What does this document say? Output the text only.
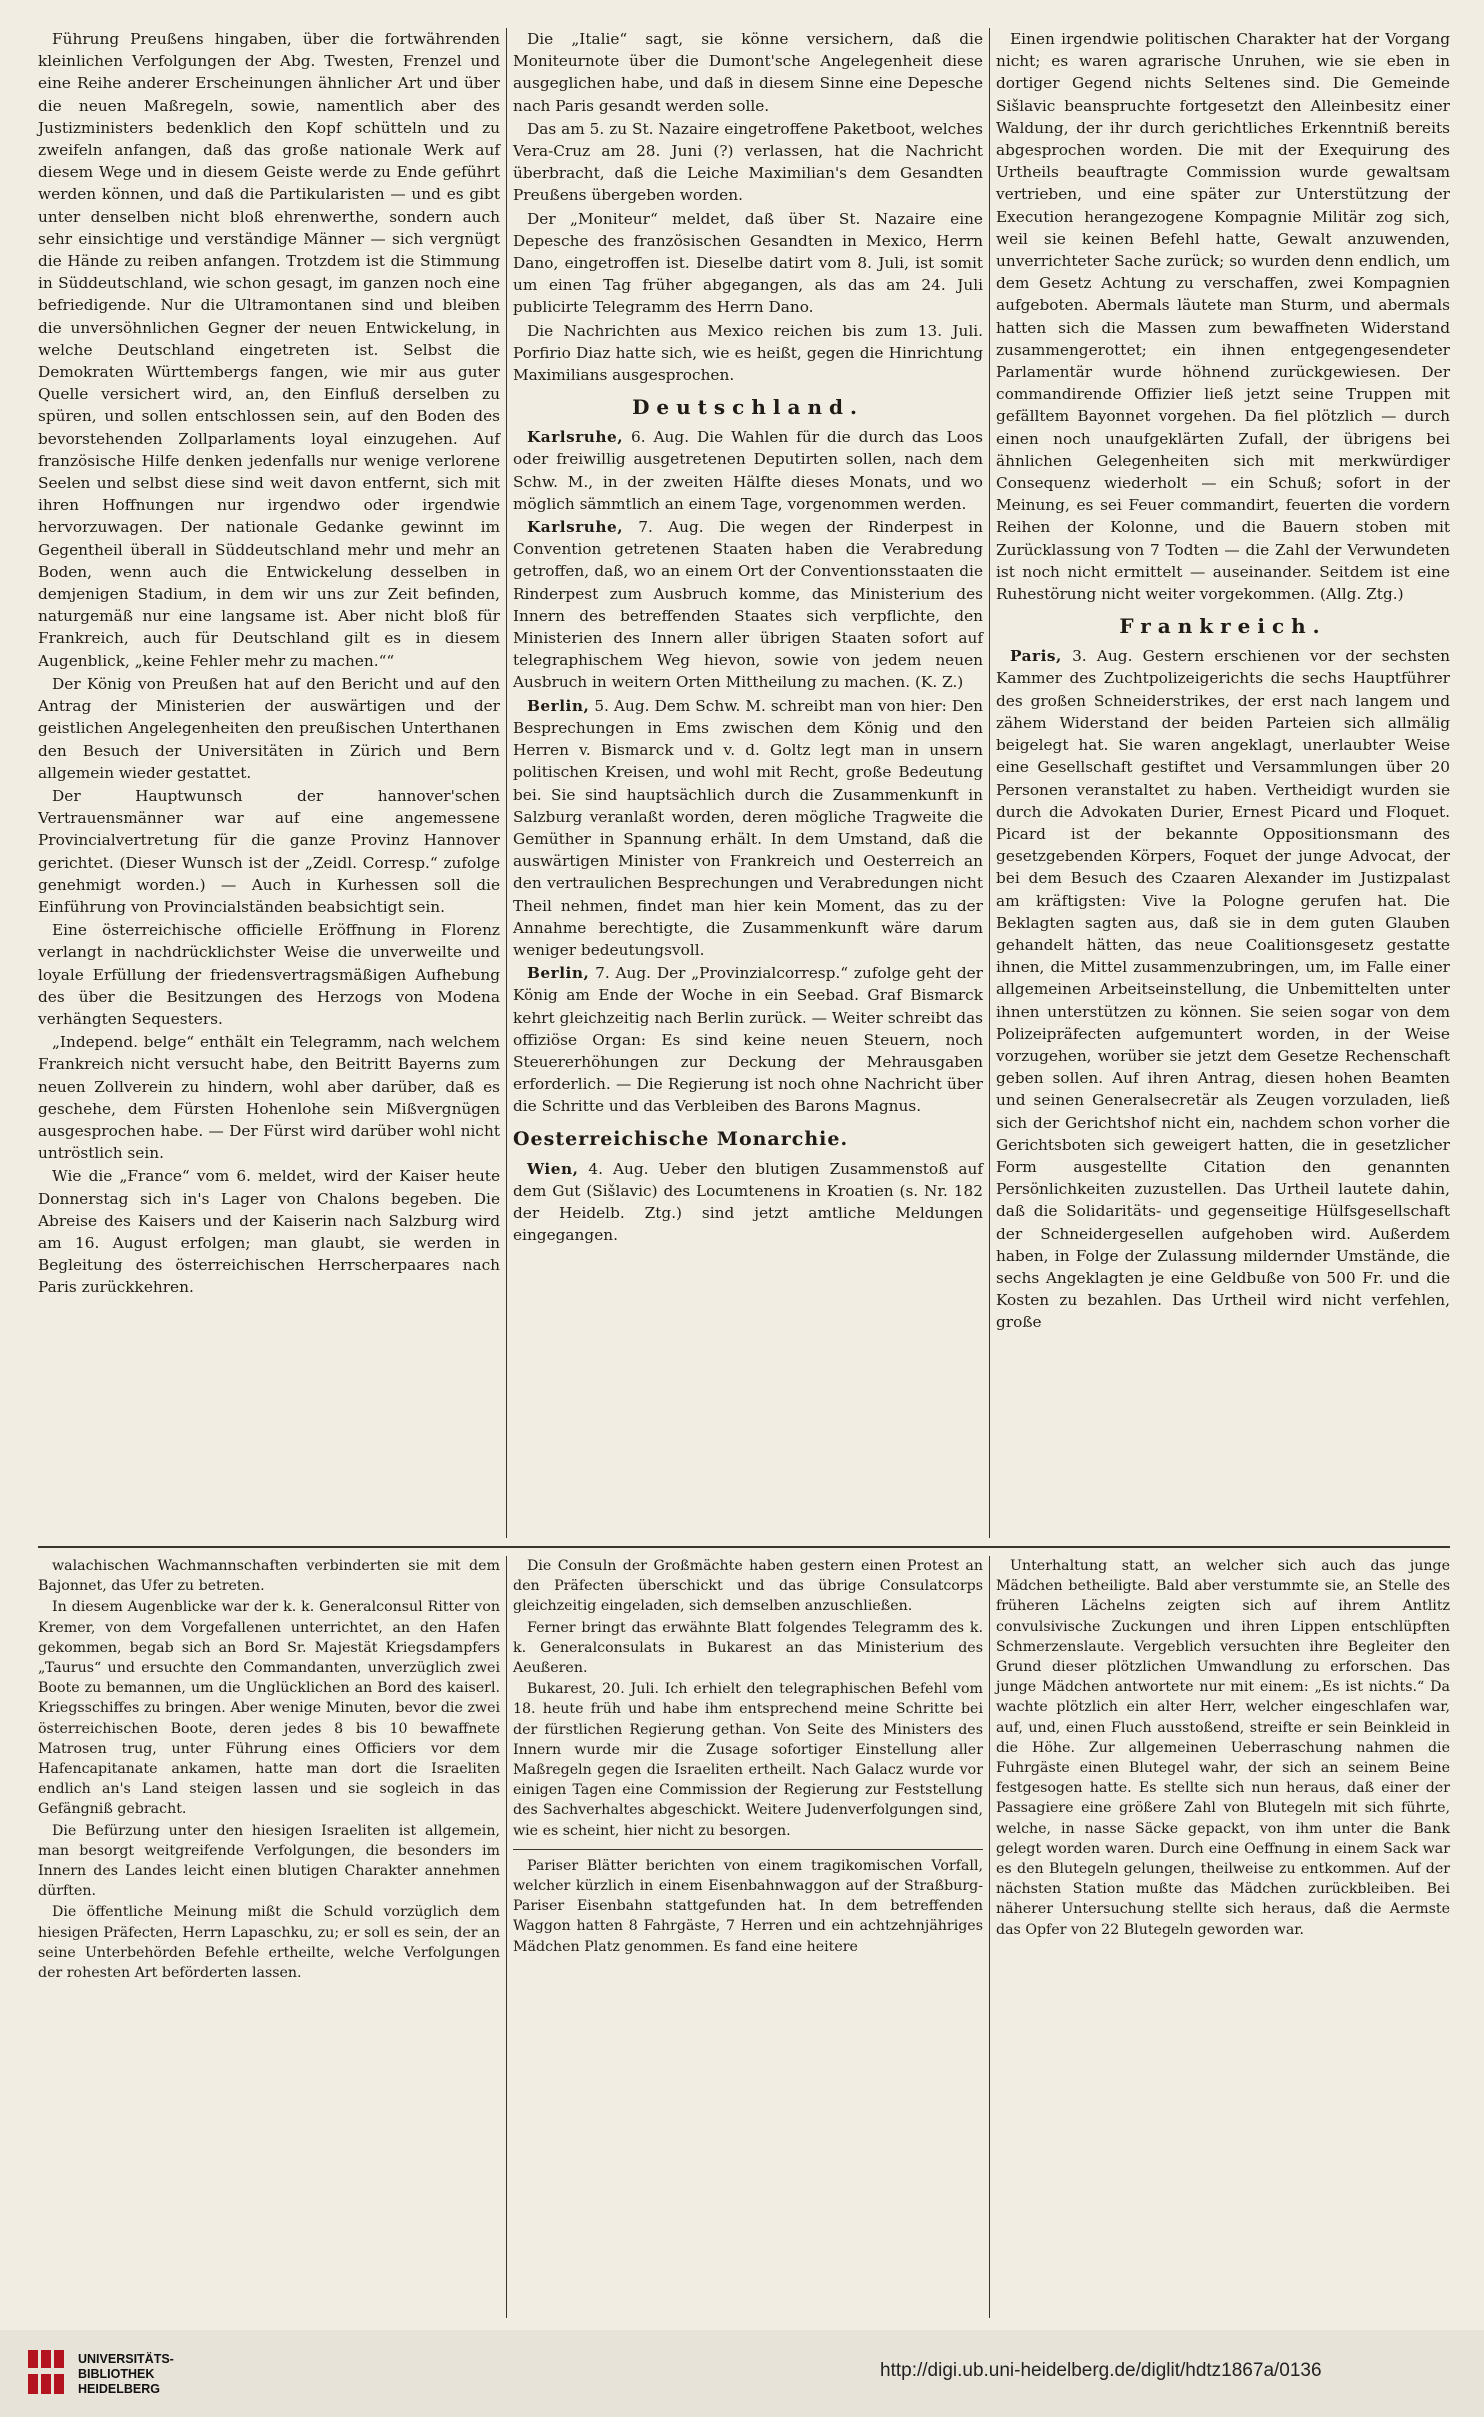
Führung Preußens hingaben, über die fortwährenden kleinlichen Verfolgungen der Abg. Twesten, Frenzel und eine Reihe anderer Erscheinungen ähnlicher Art und über die neuen Maßregeln, sowie, namentlich aber des Justizministers bedenklich den Kopf schütteln und zu zweifeln anfangen, daß das große nationale Werk auf diesem Wege und in diesem Geiste werde zu Ende geführt werden können, und daß die Partikularisten — und es gibt unter denselben nicht bloß ehrenwerthe, sondern auch sehr einsichtige und verständige Männer — sich vergnügt die Hände zu reiben anfangen. Trotzdem ist die Stimmung in Süddeutschland, wie schon gesagt, im ganzen noch eine befriedigende. Nur die Ultramontanen sind und bleiben die unversöhnlichen Gegner der neuen Entwickelung, in welche Deutschland eingetreten ist. Selbst die Demokraten Württembergs fangen, wie mir aus guter Quelle versichert wird, an, den Einfluß derselben zu spüren, und sollen entschlossen sein, auf den Boden des bevorstehenden Zollparlaments loyal einzugehen. Auf französische Hilfe denken jedenfalls nur wenige verlorene Seelen und selbst diese sind weit davon entfernt, sich mit ihren Hoffnungen nur irgendwo oder irgendwie hervorzuwagen. Der nationale Gedanke gewinnt im Gegentheil überall in Süddeutschland mehr und mehr an Boden, wenn auch die Entwickelung desselben in demjenigen Stadium, in dem wir uns zur Zeit befinden, naturgemäß nur eine langsame ist. Aber nicht bloß für Frankreich, auch für Deutschland gilt es in diesem Augenblick, „keine Fehler mehr zu machen.““

Der König von Preußen hat auf den Bericht und auf den Antrag der Ministerien der auswärtigen und der geistlichen Angelegenheiten den preußischen Unterthanen den Besuch der Universitäten in Zürich und Bern allgemein wieder gestattet.

Der Hauptwunsch der hannover'schen Vertrauensmänner war auf eine angemessene Provincialvertretung für die ganze Provinz Hannover gerichtet. (Dieser Wunsch ist der „Zeidl. Corresp.“ zufolge genehmigt worden.) — Auch in Kurhessen soll die Einführung von Provincialständen beabsichtigt sein.

Eine österreichische officielle Eröffnung in Florenz verlangt in nachdrücklichster Weise die unverweilte und loyale Erfüllung der friedensvertragsmäßigen Aufhebung des über die Besitzungen des Herzogs von Modena verhängten Sequesters.

„Independ. belge“ enthält ein Telegramm, nach welchem Frankreich nicht versucht habe, den Beitritt Bayerns zum neuen Zollverein zu hindern, wohl aber darüber, daß es geschehe, dem Fürsten Hohenlohe sein Mißvergnügen ausgesprochen habe. — Der Fürst wird darüber wohl nicht untröstlich sein.

Wie die „France“ vom 6. meldet, wird der Kaiser heute Donnerstag sich in's Lager von Chalons begeben. Die Abreise des Kaisers und der Kaiserin nach Salzburg wird am 16. August erfolgen; man glaubt, sie werden in Begleitung des österreichischen Herrscherpaares nach Paris zurückkehren.

Die „Italie“ sagt, sie könne versichern, daß die Moniteurnote über die Dumont'sche Angelegenheit diese ausgeglichen habe, und daß in diesem Sinne eine Depesche nach Paris gesandt werden solle.

Das am 5. zu St. Nazaire eingetroffene Paketboot, welches Vera-Cruz am 28. Juni (?) verlassen, hat die Nachricht überbracht, daß die Leiche Maximilian's dem Gesandten Preußens übergeben worden.

Der „Moniteur“ meldet, daß über St. Nazaire eine Depesche des französischen Gesandten in Mexico, Herrn Dano, eingetroffen ist. Dieselbe datirt vom 8. Juli, ist somit um einen Tag früher abgegangen, als das am 24. Juli publicirte Telegramm des Herrn Dano.

Die Nachrichten aus Mexico reichen bis zum 13. Juli. Porfirio Diaz hatte sich, wie es heißt, gegen die Hinrichtung Maximilians ausgesprochen.

Deutschland.

Karlsruhe, 6. Aug. Die Wahlen für die durch das Loos oder freiwillig ausgetretenen Deputirten sollen, nach dem Schw. M., in der zweiten Hälfte dieses Monats, und wo möglich sämmtlich an einem Tage, vorgenommen werden.

Karlsruhe, 7. Aug. Die wegen der Rinderpest in Convention getretenen Staaten haben die Verabredung getroffen, daß, wo an einem Ort der Conventionsstaaten die Rinderpest zum Ausbruch komme, das Ministerium des Innern des betreffenden Staates sich verpflichte, den Ministerien des Innern aller übrigen Staaten sofort auf telegraphischem Weg hievon, sowie von jedem neuen Ausbruch in weitern Orten Mittheilung zu machen. (K. Z.)

Berlin, 5. Aug. Dem Schw. M. schreibt man von hier: Den Besprechungen in Ems zwischen dem König und den Herren v. Bismarck und v. d. Goltz legt man in unsern politischen Kreisen, und wohl mit Recht, große Bedeutung bei. Sie sind hauptsächlich durch die Zusammenkunft in Salzburg veranlaßt worden, deren mögliche Tragweite die Gemüther in Spannung erhält. In dem Umstand, daß die auswärtigen Minister von Frankreich und Oesterreich an den vertraulichen Besprechungen und Verabredungen nicht Theil nehmen, findet man hier kein Moment, das zu der Annahme berechtigte, die Zusammenkunft wäre darum weniger bedeutungsvoll.

Berlin, 7. Aug. Der „Provinzialcorresp.“ zufolge geht der König am Ende der Woche in ein Seebad. Graf Bismarck kehrt gleichzeitig nach Berlin zurück. — Weiter schreibt das offiziöse Organ: Es sind keine neuen Steuern, noch Steuererhöhungen zur Deckung der Mehrausgaben erforderlich. — Die Regierung ist noch ohne Nachricht über die Schritte und das Verbleiben des Barons Magnus.

Oesterreichische Monarchie.

Wien, 4. Aug. Ueber den blutigen Zusammenstoß auf dem Gut (Sišlavic) des Locumtenens in Kroatien (s. Nr. 182 der Heidelb. Ztg.) sind jetzt amtliche Meldungen eingegangen.

Einen irgendwie politischen Charakter hat der Vorgang nicht; es waren agrarische Unruhen, wie sie eben in dortiger Gegend nichts Seltenes sind. Die Gemeinde Sišlavic beanspruchte fortgesetzt den Alleinbesitz einer Waldung, der ihr durch gerichtliches Erkenntniß bereits abgesprochen worden. Die mit der Exequirung des Urtheils beauftragte Commission wurde gewaltsam vertrieben, und eine später zur Unterstützung der Execution herangezogene Kompagnie Militär zog sich, weil sie keinen Befehl hatte, Gewalt anzuwenden, unverrichteter Sache zurück; so wurden denn endlich, um dem Gesetz Achtung zu verschaffen, zwei Kompagnien aufgeboten. Abermals läutete man Sturm, und abermals hatten sich die Massen zum bewaffneten Widerstand zusammengerottet; ein ihnen entgegengesendeter Parlamentär wurde höhnend zurückgewiesen. Der commandirende Offizier ließ jetzt seine Truppen mit gefälltem Bayonnet vorgehen. Da fiel plötzlich — durch einen noch unaufgeklärten Zufall, der übrigens bei ähnlichen Gelegenheiten sich mit merkwürdiger Consequenz wiederholt — ein Schuß; sofort in der Meinung, es sei Feuer commandirt, feuerten die vordern Reihen der Kolonne, und die Bauern stoben mit Zurücklassung von 7 Todten — die Zahl der Verwundeten ist noch nicht ermittelt — auseinander. Seitdem ist eine Ruhestörung nicht weiter vorgekommen. (Allg. Ztg.)

Frankreich.

Paris, 3. Aug. Gestern erschienen vor der sechsten Kammer des Zuchtpolizeigerichts die sechs Hauptführer des großen Schneiderstrikes, der erst nach langem und zähem Widerstand der beiden Parteien sich allmälig beigelegt hat. Sie waren angeklagt, unerlaubter Weise eine Gesellschaft gestiftet und Versammlungen über 20 Personen veranstaltet zu haben. Vertheidigt wurden sie durch die Advokaten Durier, Ernest Picard und Floquet. Picard ist der bekannte Oppositionsmann des gesetzgebenden Körpers, Foquet der junge Advocat, der bei dem Besuch des Czaaren Alexander im Justizpalast am kräftigsten: Vive la Pologne gerufen hat. Die Beklagten sagten aus, daß sie in dem guten Glauben gehandelt hätten, das neue Coalitionsgesetz gestatte ihnen, die Mittel zusammenzubringen, um, im Falle einer allgemeinen Arbeitseinstellung, die Unbemittelten unter ihnen unterstützen zu können. Sie seien sogar von dem Polizeipräfecten aufgemuntert worden, in der Weise vorzugehen, worüber sie jetzt dem Gesetze Rechenschaft geben sollen. Auf ihren Antrag, diesen hohen Beamten und seinen Generalsecretär als Zeugen vorzuladen, ließ sich der Gerichtshof nicht ein, nachdem schon vorher die Gerichtsboten sich geweigert hatten, die in gesetzlicher Form ausgestellte Citation den genannten Persönlichkeiten zuzustellen. Das Urtheil lautete dahin, daß die Solidaritäts- und gegenseitige Hülfsgesellschaft der Schneidergesellen aufgehoben wird. Außerdem haben, in Folge der Zulassung mildernder Umstände, die sechs Angeklagten je eine Geldbuße von 500 Fr. und die Kosten zu bezahlen. Das Urtheil wird nicht verfehlen, große

walachischen Wachmannschaften verbinderten sie mit dem Bajonnet, das Ufer zu betreten.

In diesem Augenblicke war der k. k. Generalconsul Ritter von Kremer, von dem Vorgefallenen unterrichtet, an den Hafen gekommen, begab sich an Bord Sr. Majestät Kriegsdampfers „Taurus“ und ersuchte den Commandanten, unverzüglich zwei Boote zu bemannen, um die Unglücklichen an Bord des kaiserl. Kriegsschiffes zu bringen. Aber wenige Minuten, bevor die zwei österreichischen Boote, deren jedes 8 bis 10 bewaffnete Matrosen trug, unter Führung eines Officiers vor dem Hafencapitanate ankamen, hatte man dort die Israeliten endlich an's Land steigen lassen und sie sogleich in das Gefängniß gebracht.

Die Befürzung unter den hiesigen Israeliten ist allgemein, man besorgt weitgreifende Verfolgungen, die besonders im Innern des Landes leicht einen blutigen Charakter annehmen dürften.

Die öffentliche Meinung mißt die Schuld vorzüglich dem hiesigen Präfecten, Herrn Lapaschku, zu; er soll es sein, der an seine Unterbehörden Befehle ertheilte, welche Verfolgungen der rohesten Art beförderten lassen.

Die Consuln der Großmächte haben gestern einen Protest an den Präfecten überschickt und das übrige Consulatcorps gleichzeitig eingeladen, sich demselben anzuschließen.

Ferner bringt das erwähnte Blatt folgendes Telegramm des k. k. Generalconsulats in Bukarest an das Ministerium des Aeußeren.

Bukarest, 20. Juli. Ich erhielt den telegraphischen Befehl vom 18. heute früh und habe ihm entsprechend meine Schritte bei der fürstlichen Regierung gethan. Von Seite des Ministers des Innern wurde mir die Zusage sofortiger Einstellung aller Maßregeln gegen die Israeliten ertheilt. Nach Galacz wurde vor einigen Tagen eine Commission der Regierung zur Feststellung des Sachverhaltes abgeschickt. Weitere Judenverfolgungen sind, wie es scheint, hier nicht zu besorgen.

Pariser Blätter berichten von einem tragikomischen Vorfall, welcher kürzlich in einem Eisenbahnwaggon auf der Straßburg-Pariser Eisenbahn stattgefunden hat. In dem betreffenden Waggon hatten 8 Fahrgäste, 7 Herren und ein achtzehnjähriges Mädchen Platz genommen. Es fand eine heitere

Unterhaltung statt, an welcher sich auch das junge Mädchen betheiligte. Bald aber verstummte sie, an Stelle des früheren Lächelns zeigten sich auf ihrem Antlitz convulsivische Zuckungen und ihren Lippen entschlüpften Schmerzenslaute. Vergeblich versuchten ihre Begleiter den Grund dieser plötzlichen Umwandlung zu erforschen. Das junge Mädchen antwortete nur mit einem: „Es ist nichts.“ Da wachte plötzlich ein alter Herr, welcher eingeschlafen war, auf, und, einen Fluch ausstoßend, streifte er sein Beinkleid in die Höhe. Zur allgemeinen Ueberraschung nahmen die Fuhrgäste einen Blutegel wahr, der sich an seinem Beine festgesogen hatte. Es stellte sich nun heraus, daß einer der Passagiere eine größere Zahl von Blutegeln mit sich führte, welche, in nasse Säcke gepackt, von ihm unter die Bank gelegt worden waren. Durch eine Oeffnung in einem Sack war es den Blutegeln gelungen, theilweise zu entkommen. Auf der nächsten Station mußte das Mädchen zurückbleiben. Bei näherer Untersuchung stellte sich heraus, daß die Aermste das Opfer von 22 Blutegeln geworden war.

UNIVERSITÄTS-
BIBLIOTHEK
HEIDELBERG
http://digi.ub.uni-heidelberg.de/diglit/hdtz1867a/0136
